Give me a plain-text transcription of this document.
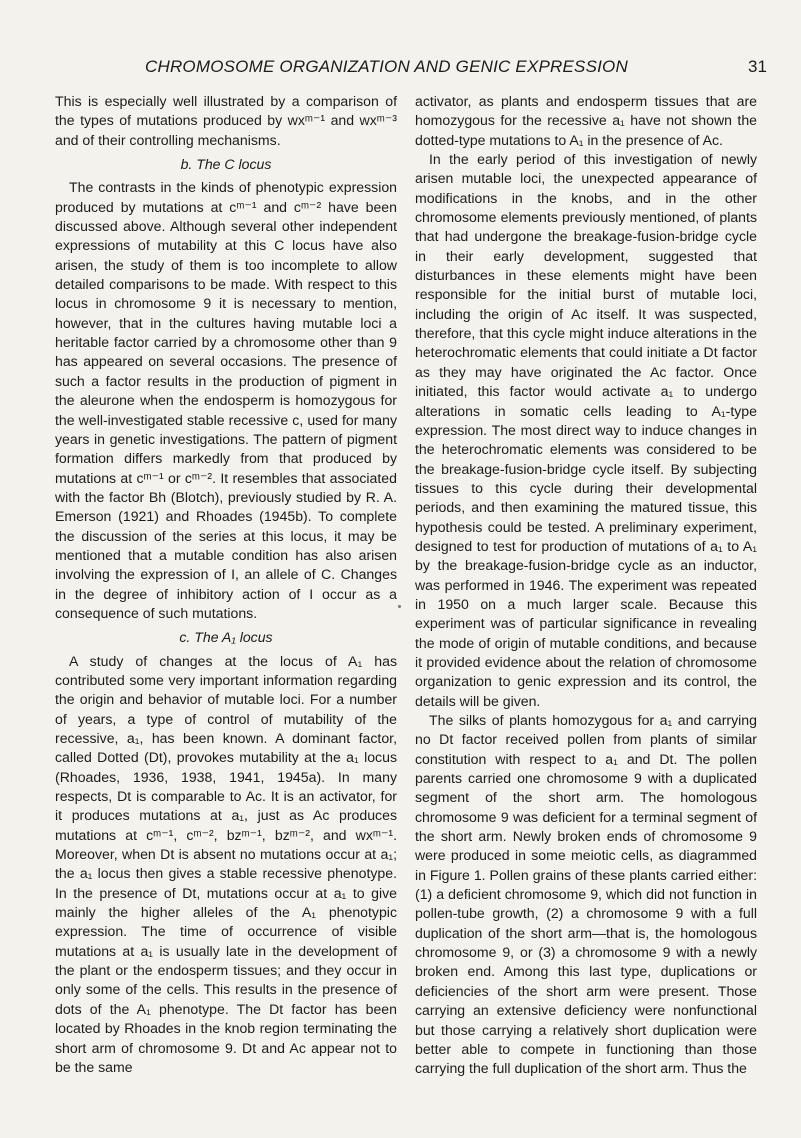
CHROMOSOME ORGANIZATION AND GENIC EXPRESSION	31

This is especially well illustrated by a comparison of the types of mutations produced by wxᵐ⁻¹ and wxᵐ⁻³ and of their controlling mechanisms.

b. The C locus

The contrasts in the kinds of phenotypic expression produced by mutations at cᵐ⁻¹ and cᵐ⁻² have been discussed above. Although several other independent expressions of mutability at this C locus have also arisen, the study of them is too incomplete to allow detailed comparisons to be made. With respect to this locus in chromosome 9 it is necessary to mention, however, that in the cultures having mutable loci a heritable factor carried by a chromosome other than 9 has appeared on several occasions. The presence of such a factor results in the production of pigment in the aleurone when the endosperm is homozygous for the well-investigated stable recessive c, used for many years in genetic investigations. The pattern of pigment formation differs markedly from that produced by mutations at cᵐ⁻¹ or cᵐ⁻². It resembles that associated with the factor Bh (Blotch), previously studied by R. A. Emerson (1921) and Rhoades (1945b). To complete the discussion of the series at this locus, it may be mentioned that a mutable condition has also arisen involving the expression of I, an allele of C. Changes in the degree of inhibitory action of I occur as a consequence of such mutations.

c. The A₁ locus

A study of changes at the locus of A₁ has contributed some very important information regarding the origin and behavior of mutable loci. For a number of years, a type of control of mutability of the recessive, a₁, has been known. A dominant factor, called Dotted (Dt), provokes mutability at the a₁ locus (Rhoades, 1936, 1938, 1941, 1945a). In many respects, Dt is comparable to Ac. It is an activator, for it produces mutations at a₁, just as Ac produces mutations at cᵐ⁻¹, cᵐ⁻², bzᵐ⁻¹, bzᵐ⁻², and wxᵐ⁻¹. Moreover, when Dt is absent no mutations occur at a₁; the a₁ locus then gives a stable recessive phenotype. In the presence of Dt, mutations occur at a₁ to give mainly the higher alleles of the A₁ phenotypic expression. The time of occurrence of visible mutations at a₁ is usually late in the development of the plant or the endosperm tissues; and they occur in only some of the cells. This results in the presence of dots of the A₁ phenotype. The Dt factor has been located by Rhoades in the knob region terminating the short arm of chromosome 9. Dt and Ac appear not to be the same

activator, as plants and endosperm tissues that are homozygous for the recessive a₁ have not shown the dotted-type mutations to A₁ in the presence of Ac.

In the early period of this investigation of newly arisen mutable loci, the unexpected appearance of modifications in the knobs, and in the other chromosome elements previously mentioned, of plants that had undergone the breakage-fusion-bridge cycle in their early development, suggested that disturbances in these elements might have been responsible for the initial burst of mutable loci, including the origin of Ac itself. It was suspected, therefore, that this cycle might induce alterations in the heterochromatic elements that could initiate a Dt factor as they may have originated the Ac factor. Once initiated, this factor would activate a₁ to undergo alterations in somatic cells leading to A₁-type expression. The most direct way to induce changes in the heterochromatic elements was considered to be the breakage-fusion-bridge cycle itself. By subjecting tissues to this cycle during their developmental periods, and then examining the matured tissue, this hypothesis could be tested. A preliminary experiment, designed to test for production of mutations of a₁ to A₁ by the breakage-fusion-bridge cycle as an inductor, was performed in 1946. The experiment was repeated in 1950 on a much larger scale. Because this experiment was of particular significance in revealing the mode of origin of mutable conditions, and because it provided evidence about the relation of chromosome organization to genic expression and its control, the details will be given.

The silks of plants homozygous for a₁ and carrying no Dt factor received pollen from plants of similar constitution with respect to a₁ and Dt. The pollen parents carried one chromosome 9 with a duplicated segment of the short arm. The homologous chromosome 9 was deficient for a terminal segment of the short arm. Newly broken ends of chromosome 9 were produced in some meiotic cells, as diagrammed in Figure 1. Pollen grains of these plants carried either: (1) a deficient chromosome 9, which did not function in pollen-tube growth, (2) a chromosome 9 with a full duplication of the short arm—that is, the homologous chromosome 9, or (3) a chromosome 9 with a newly broken end. Among this last type, duplications or deficiencies of the short arm were present. Those carrying an extensive deficiency were nonfunctional but those carrying a relatively short duplication were better able to compete in functioning than those carrying the full duplication of the short arm. Thus the
